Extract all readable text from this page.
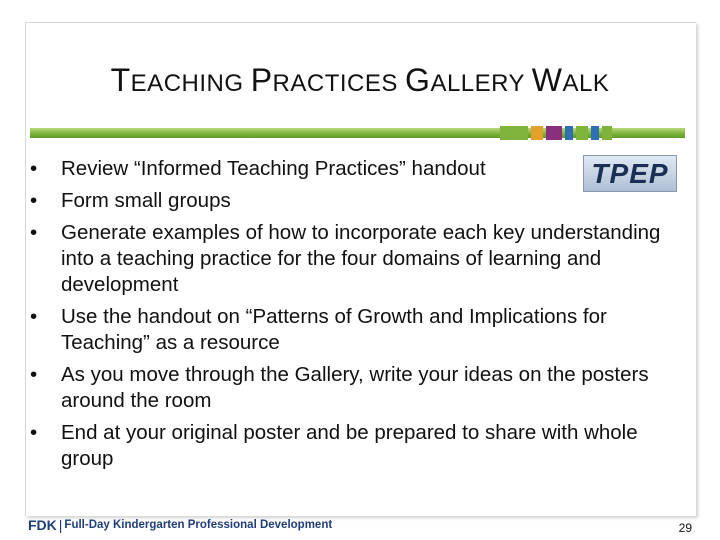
TEACHING PRACTICES GALLERY WALK
TPEP
•	Review “Informed Teaching Practices” handout
•	Form small groups
•	Generate examples of how to incorporate each key understanding  into a teaching practice for the four domains of learning and development
•	Use the handout on “Patterns of Growth and Implications for Teaching” as a resource
•	As you move through the Gallery, write your ideas on the posters around the room
•	End at your original poster and be prepared to share with whole group
FDK | Full-Day Kindergarten Professional Development	29
